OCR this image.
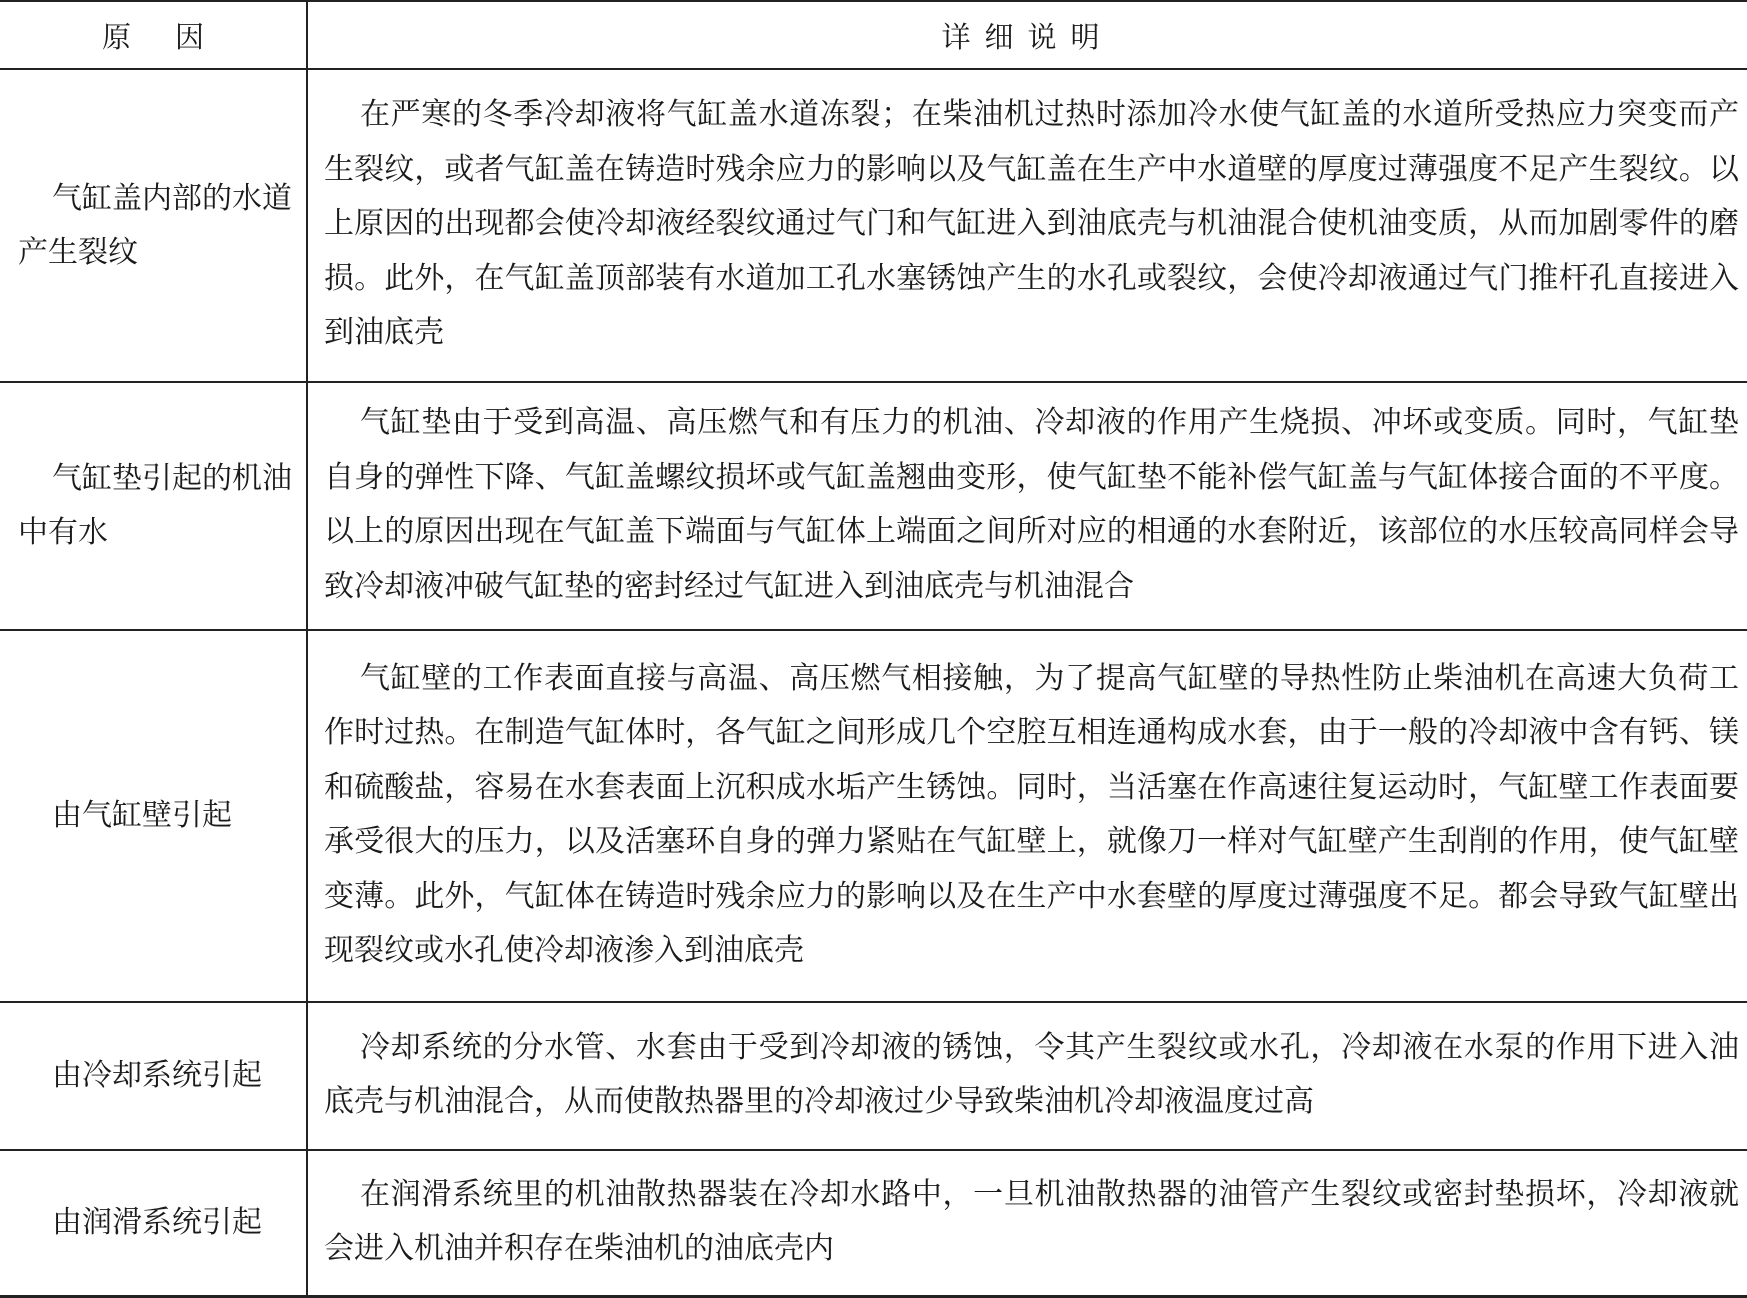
原因	详细说明
气缸盖内部的水道产生裂纹	在严寒的冬季冷却液将气缸盖水道冻裂；在柴油机过热时添加冷水使气缸盖的水道所受热应力突变而产生裂纹，或者气缸盖在铸造时残余应力的影响以及气缸盖在生产中水道壁的厚度过薄强度不足产生裂纹。以上原因的出现都会使冷却液经裂纹通过气门和气缸进入到油底壳与机油混合使机油变质，从而加剧零件的磨损。此外，在气缸盖顶部装有水道加工孔水塞锈蚀产生的水孔或裂纹，会使冷却液通过气门推杆孔直接进入到油底壳
气缸垫引起的机油中有水	气缸垫由于受到高温、高压燃气和有压力的机油、冷却液的作用产生烧损、冲坏或变质。同时，气缸垫自身的弹性下降、气缸盖螺纹损坏或气缸盖翘曲变形，使气缸垫不能补偿气缸盖与气缸体接合面的不平度。以上的原因出现在气缸盖下端面与气缸体上端面之间所对应的相通的水套附近，该部位的水压较高同样会导致冷却液冲破气缸垫的密封经过气缸进入到油底壳与机油混合
由气缸壁引起	气缸壁的工作表面直接与高温、高压燃气相接触，为了提高气缸壁的导热性防止柴油机在高速大负荷工作时过热。在制造气缸体时，各气缸之间形成几个空腔互相连通构成水套，由于一般的冷却液中含有钙、镁和硫酸盐，容易在水套表面上沉积成水垢产生锈蚀。同时，当活塞在作高速往复运动时，气缸壁工作表面要承受很大的压力，以及活塞环自身的弹力紧贴在气缸壁上，就像刀一样对气缸壁产生刮削的作用，使气缸壁变薄。此外，气缸体在铸造时残余应力的影响以及在生产中水套壁的厚度过薄强度不足。都会导致气缸壁出现裂纹或水孔使冷却液渗入到油底壳
由冷却系统引起	冷却系统的分水管、水套由于受到冷却液的锈蚀，令其产生裂纹或水孔，冷却液在水泵的作用下进入油底壳与机油混合，从而使散热器里的冷却液过少导致柴油机冷却液温度过高
由润滑系统引起	在润滑系统里的机油散热器装在冷却水路中，一旦机油散热器的油管产生裂纹或密封垫损坏，冷却液就会进入机油并积存在柴油机的油底壳内
